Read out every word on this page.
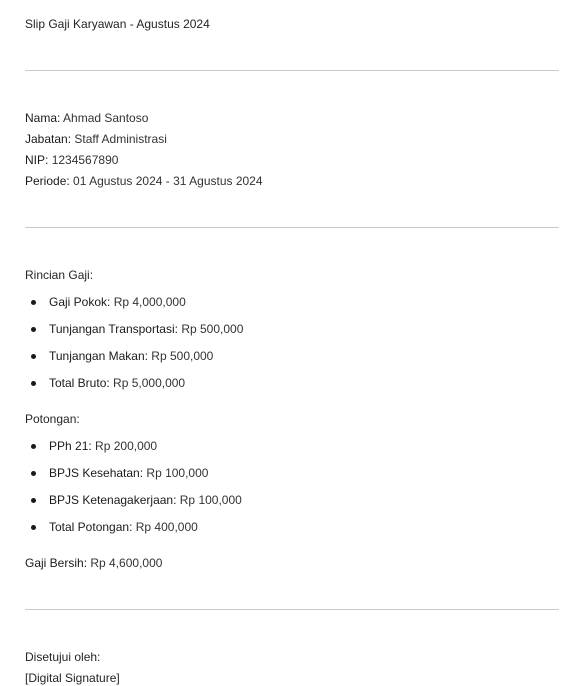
Slip Gaji Karyawan - Agustus 2024
Nama: Ahmad Santoso
Jabatan: Staff Administrasi
NIP: 1234567890
Periode: 01 Agustus 2024 - 31 Agustus 2024
Rincian Gaji:
Gaji Pokok: Rp 4,000,000
Tunjangan Transportasi: Rp 500,000
Tunjangan Makan: Rp 500,000
Total Bruto: Rp 5,000,000
Potongan:
PPh 21: Rp 200,000
BPJS Kesehatan: Rp 100,000
BPJS Ketenagakerjaan: Rp 100,000
Total Potongan: Rp 400,000
Gaji Bersih: Rp 4,600,000
Disetujui oleh:
[Digital Signature]
